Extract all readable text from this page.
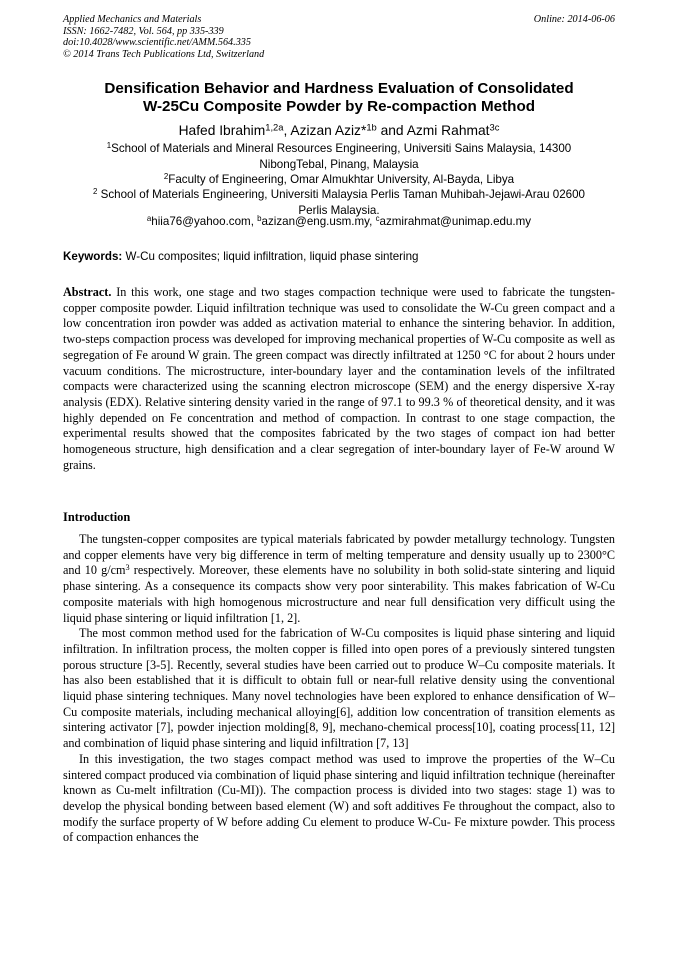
Applied Mechanics and Materials
ISSN: 1662-7482, Vol. 564, pp 335-339
doi:10.4028/www.scientific.net/AMM.564.335
© 2014 Trans Tech Publications Ltd, Switzerland
Online: 2014-06-06
Densification Behavior and Hardness Evaluation of Consolidated
W-25Cu Composite Powder by Re-compaction Method
Hafed Ibrahim$^{1,2a}$, Azizan Aziz*$^{1b}$ and Azmi Rahmat$^{3c}$
$^1$School of Materials and Mineral Resources Engineering, Universiti Sains Malaysia, 14300
NibongTebal, Pinang, Malaysia
$^2$Faculty of Engineering, Omar Almukhtar University, Al-Bayda, Libya
$^2$ School of Materials Engineering, Universiti Malaysia Perlis Taman Muhibah-Jejawi-Arau 02600
Perlis Malaysia.
$^a$hiia76@yahoo.com, $^b$azizan@eng.usm.my, $^c$azmirahmat@unimap.edu.my
Keywords: W-Cu composites; liquid infiltration, liquid phase sintering

Abstract. In this work, one stage and two stages compaction technique were used to fabricate the tungsten-copper composite powder. Liquid infiltration technique was used to consolidate the W-Cu green compact and a low concentration iron powder was added as activation material to enhance the sintering behavior. In addition, two-steps compaction process was developed for improving mechanical properties of W-Cu composite as well as segregation of Fe around W grain. The green compact was directly infiltrated at 1250 °C for about 2 hours under vacuum conditions. The microstructure, inter-boundary layer and the contamination levels of the infiltrated compacts were characterized using the scanning electron microscope (SEM) and the energy dispersive X-ray analysis (EDX). Relative sintering density varied in the range of 97.1 to 99.3 % of theoretical density, and it was highly depended on Fe concentration and method of compaction. In contrast to one stage compaction, the experimental results showed that the composites fabricated by the two stages of compact ion had better homogeneous structure, high densification and a clear segregation of inter-boundary layer of Fe-W around W grains.

Introduction

The tungsten-copper composites are typical materials fabricated by powder metallurgy technology. Tungsten and copper elements have very big difference in term of melting temperature and density usually up to 2300°C and 10 $g/cm^3$ respectively. Moreover, these elements have no solubility in both solid-state sintering and liquid phase sintering. As a consequence its compacts show very poor sinterability. This makes fabrication of W-Cu composite materials with high homogenous microstructure and near full densification very difficult using the liquid phase sintering or liquid infiltration [1, 2].

The most common method used for the fabrication of W-Cu composites is liquid phase sintering and liquid infiltration. In infiltration process, the molten copper is filled into open pores of a previously sintered tungsten porous structure [3-5]. Recently, several studies have been carried out to produce W–Cu composite materials. It has also been established that it is difficult to obtain full or near-full relative density using the conventional liquid phase sintering techniques. Many novel technologies have been explored to enhance densification of W–Cu composite materials, including mechanical alloying[6], addition low concentration of transition elements as sintering activator [7], powder injection molding[8, 9], mechano-chemical process[10], coating process[11, 12] and combination of liquid phase sintering and liquid infiltration [7, 13]

In this investigation, the two stages compact method was used to improve the properties of the W–Cu sintered compact produced via combination of liquid phase sintering and liquid infiltration technique (hereinafter known as Cu-melt infiltration (Cu-MI)). The compaction process is divided into two stages: stage 1) was to develop the physical bonding between based element (W) and soft additives Fe throughout the compact, also to modify the surface property of W before adding Cu element to produce W-Cu- Fe mixture powder. This process of compaction enhances the
